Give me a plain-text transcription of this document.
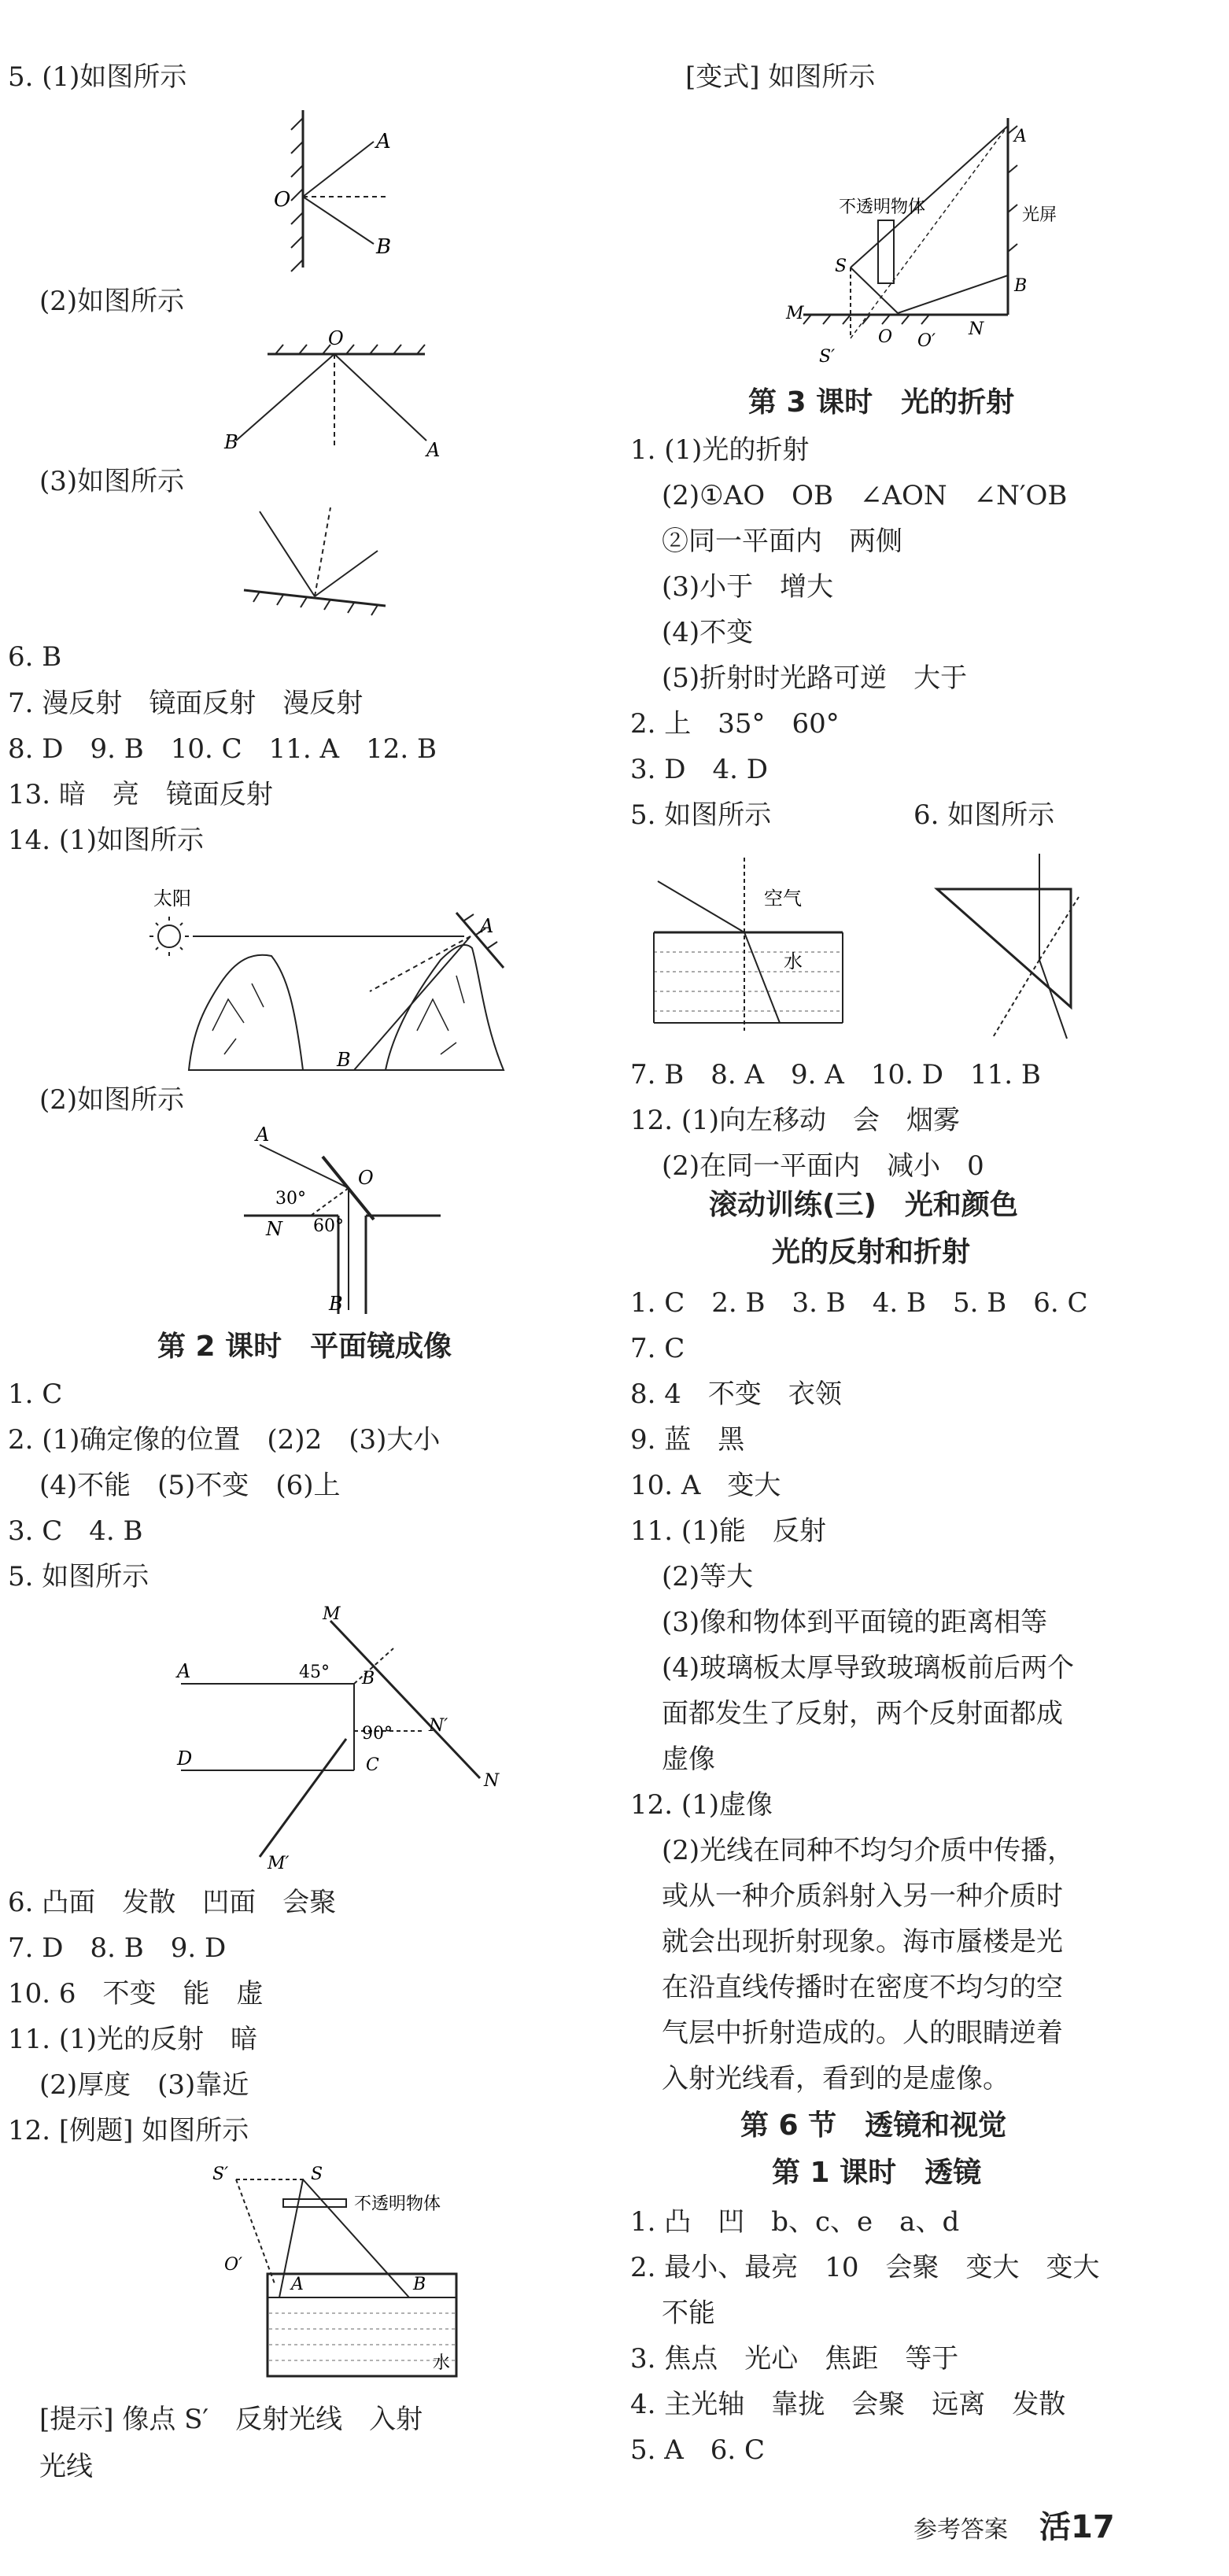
5. (1)如图所示
A
B
O
(2)如图所示
O
A
B
(3)如图所示
6. B
7. 漫反射　镜面反射　漫反射
8. D　9. B　10. C　11. A　12. B
13. 暗　亮　镜面反射
14. (1)如图所示
太阳
A
B
(2)如图所示
A
O
N
B
30°
60°
第 2 课时　平面镜成像
1. C
2. (1)确定像的位置　(2)2　(3)大小
(4)不能　(5)不变　(6)上
3. C　4. B
5. 如图所示
M
A	B
45°
N′
90°
D	C
N
M′
6. 凸面　发散　凹面　会聚
7. D　8. B　9. D
10. 6　不变　能　虚
11. (1)光的反射　暗
(2)厚度　(3)靠近
12. [例题] 如图所示
S′	S
不透明物体
O′
A	B
水
[提示] 像点 S′　反射光线　入射
光线
[变式] 如图所示
A
光屏
不透明物体
S
B
M
N
S′
O O′
第 3 课时　光的折射
1. (1)光的折射
(2)①AO　OB　∠AON　∠N′OB
②同一平面内　两侧
(3)小于　增大
(4)不变
(5)折射时光路可逆　大于
2. 上　35°　60°
3. D　4. D
5. 如图所示	6. 如图所示
空气
水
7. B　8. A　9. A　10. D　11. B
12. (1)向左移动　会　烟雾
(2)在同一平面内　减小　0
滚动训练(三)　光和颜色
光的反射和折射
1. C　2. B　3. B　4. B　5. B　6. C
7. C
8. 4　不变　衣领
9. 蓝　黑
10. A　变大
11. (1)能　反射
(2)等大
(3)像和物体到平面镜的距离相等
(4)玻璃板太厚导致玻璃板前后两个
面都发生了反射，两个反射面都成
虚像
12. (1)虚像
(2)光线在同种不均匀介质中传播，
或从一种介质斜射入另一种介质时
就会出现折射现象。海市蜃楼是光
在沿直线传播时在密度不均匀的空
气层中折射造成的。人的眼睛逆着
入射光线看，看到的是虚像。
第 6 节　透镜和视觉
第 1 课时　透镜
1. 凸　凹　b、c、e　a、d
2. 最小、最亮　10　会聚　变大　变大
不能
3. 焦点　光心　焦距　等于
4. 主光轴　靠拢　会聚　远离　发散
5. A　6. C
参考答案 活17
